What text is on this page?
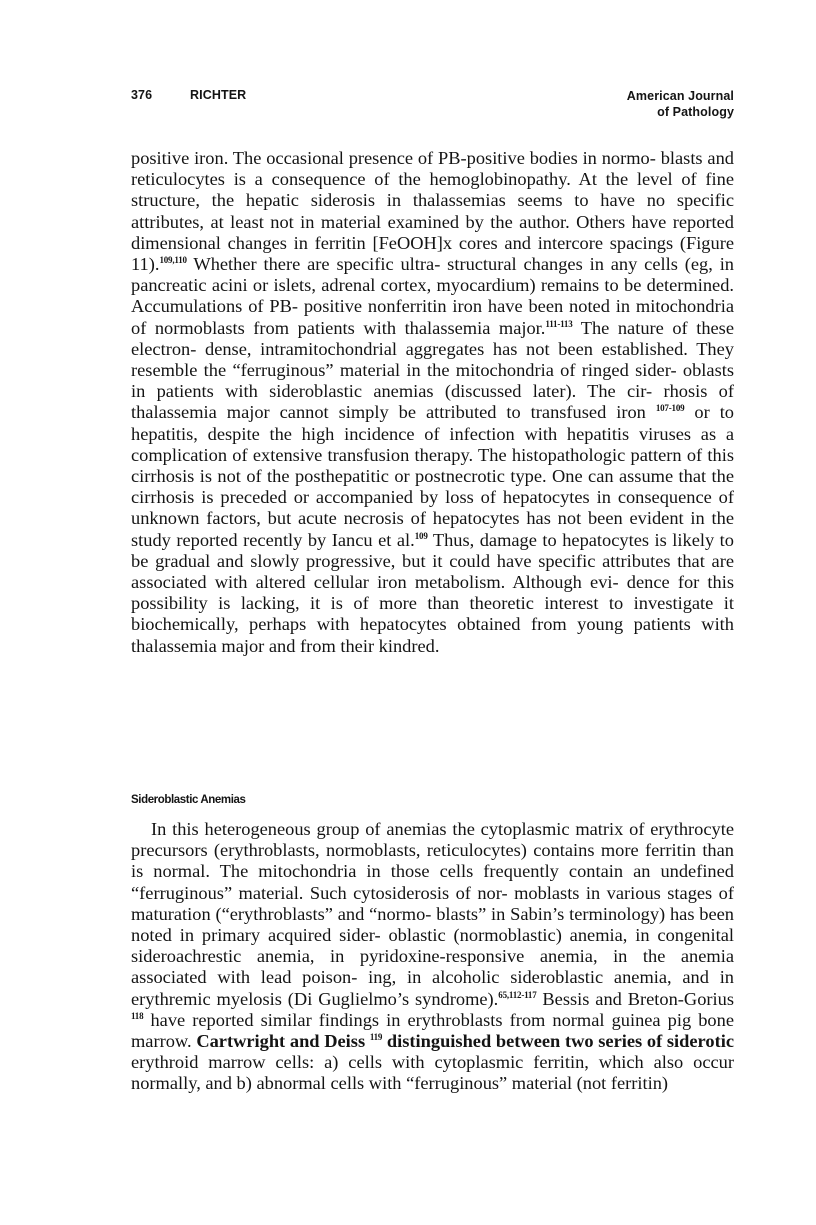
376	RICHTER	American Journal
of Pathology

positive iron. The occasional presence of PB-positive bodies in normo- blasts and reticulocytes is a consequence of the hemoglobinopathy. At the level of fine structure, the hepatic siderosis in thalassemias seems to have no specific attributes, at least not in material examined by the author. Others have reported dimensional changes in ferritin [FeOOH]x cores and intercore spacings (Figure 11).$^{109,110}$ Whether there are specific ultra- structural changes in any cells (eg, in pancreatic acini or islets, adrenal cortex, myocardium) remains to be determined. Accumulations of PB- positive nonferritin iron have been noted in mitochondria of normoblasts from patients with thalassemia major.$^{111-113}$ The nature of these electron- dense, intramitochondrial aggregates has not been established. They resemble the “ferruginous” material in the mitochondria of ringed sider- oblasts in patients with sideroblastic anemias (discussed later). The cir- rhosis of thalassemia major cannot simply be attributed to transfused iron $^{107-109}$ or to hepatitis, despite the high incidence of infection with hepatitis viruses as a complication of extensive transfusion therapy. The histopathologic pattern of this cirrhosis is not of the posthepatitic or postnecrotic type. One can assume that the cirrhosis is preceded or accompanied by loss of hepatocytes in consequence of unknown factors, but acute necrosis of hepatocytes has not been evident in the study reported recently by Iancu et al.$^{109}$ Thus, damage to hepatocytes is likely to be gradual and slowly progressive, but it could have specific attributes that are associated with altered cellular iron metabolism. Although evi- dence for this possibility is lacking, it is of more than theoretic interest to investigate it biochemically, perhaps with hepatocytes obtained from young patients with thalassemia major and from their kindred.

Sideroblastic Anemias

In this heterogeneous group of anemias the cytoplasmic matrix of erythrocyte precursors (erythroblasts, normoblasts, reticulocytes) contains more ferritin than is normal. The mitochondria in those cells frequently contain an undefined “ferruginous” material. Such cytosiderosis of nor- moblasts in various stages of maturation (“erythroblasts” and “normo- blasts” in Sabin’s terminology) has been noted in primary acquired sider- oblastic (normoblastic) anemia, in congenital sideroachrestic anemia, in pyridoxine-responsive anemia, in the anemia associated with lead poison- ing, in alcoholic sideroblastic anemia, and in erythremic myelosis (Di Guglielmo’s syndrome).$^{65,112-117}$ Bessis and Breton-Gorius $^{118}$ have reported similar findings in erythroblasts from normal guinea pig bone marrow. Cartwright and Deiss $^{119}$ distinguished between two series of siderotic erythroid marrow cells: a) cells with cytoplasmic ferritin, which also occur normally, and b) abnormal cells with “ferruginous” material (not ferritin)
